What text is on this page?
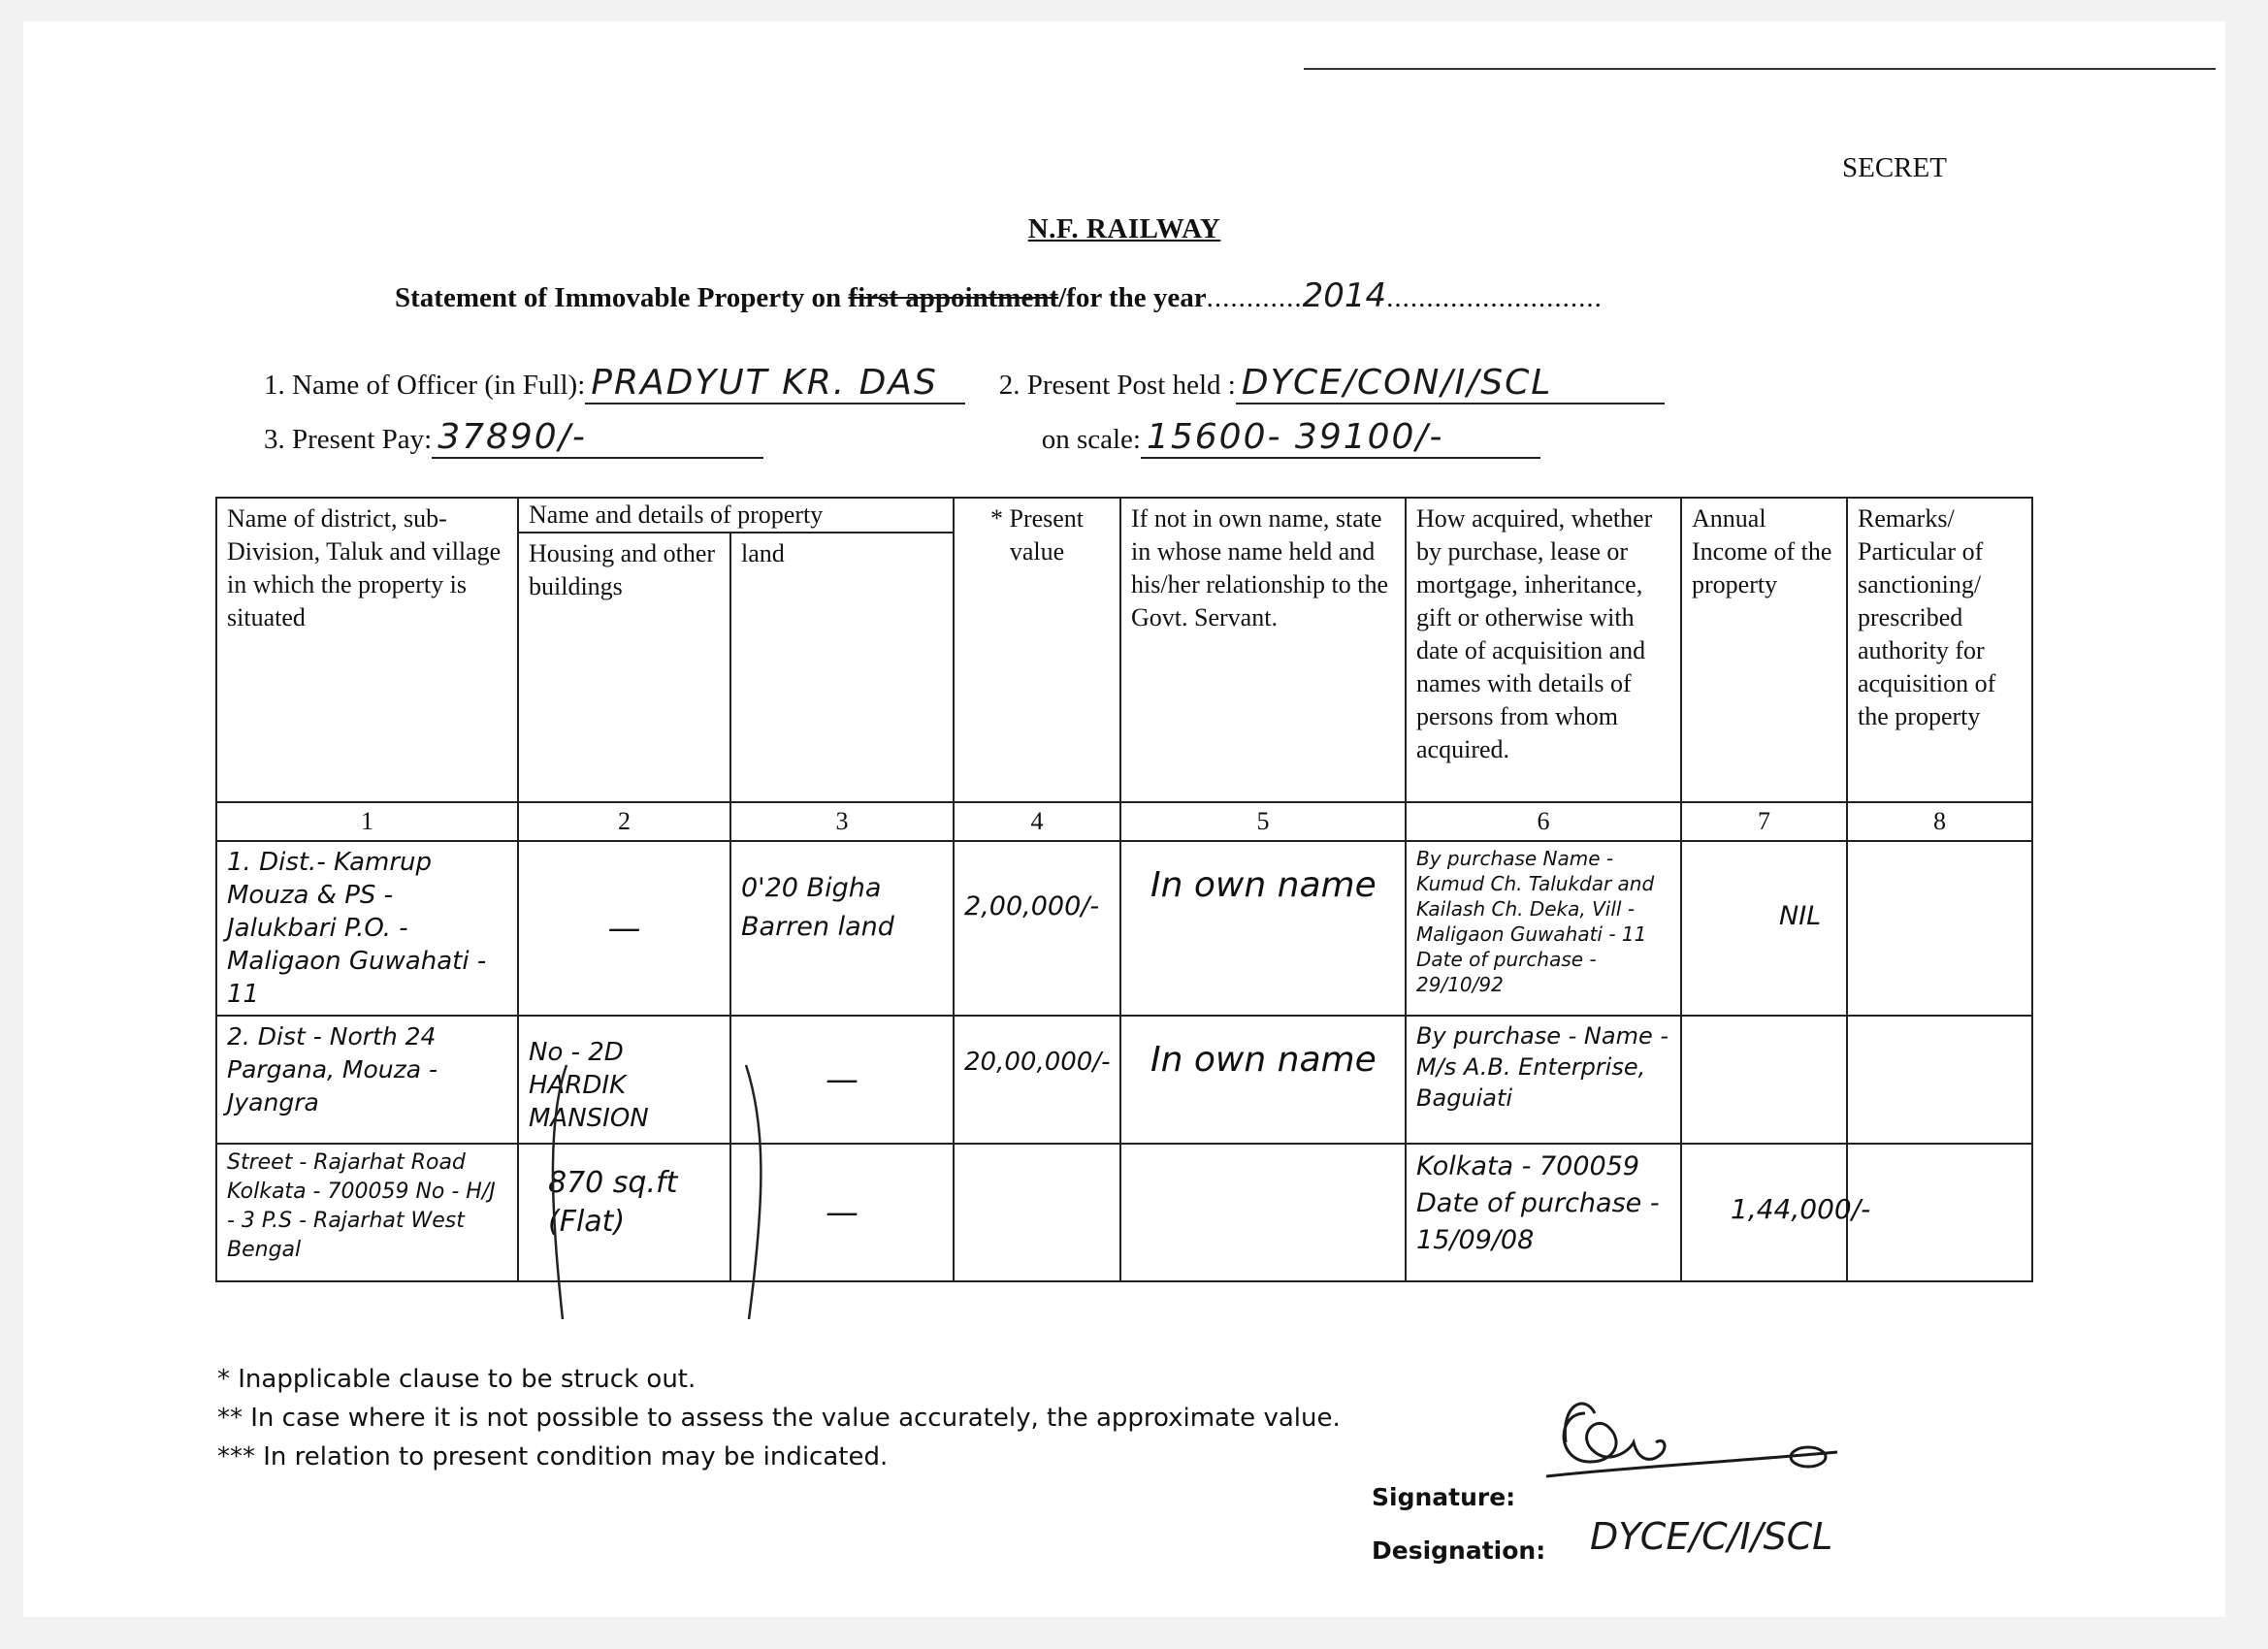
SECRET
N.F. RAILWAY
Statement of Immovable Property on first appointment/for the year............2014...........................
1. Name of Officer (in Full): PRADYUT KR. DAS 2. Present Post held : DYCE/CON/I/SCL
3. Present Pay: 37890/-	on scale: 15600- 39100/-
Name of district, sub-Division, Taluk and village in which the property is situated	Name and details of property		* Present value	If not in own name, state in whose name held and his/her relationship to the Govt. Servant.	How acquired, whether by purchase, lease or mortgage, inheritance, gift or otherwise with date of acquisition and names with details of persons from whom acquired.	Annual Income of the property	Remarks/ Particular of sanctioning/ prescribed authority for acquisition of the property
	Housing and other buildings	land					
1	2	3	4	5	6	7	8
1. Dist.- Kamrup Mouza & PS - Jalukbari P.O. - Maligaon Guwahati - 11	—	0'20 Bigha Barren land	2,00,000/-	In own name	By purchase Name - Kumud Ch. Talukdar and Kailash Ch. Deka, Vill - Maligaon Guwahati - 11 Date of purchase - 29/10/92	NIL	
2. Dist - North 24 Pargana, Mouza - Jyangra	No - 2D HARDIK MANSION	—	20,00,000/-	In own name	By purchase - Name - M/s A.B. Enterprise, Baguiati		
Street - Rajarhat Road Kolkata - 700059 No - H/J - 3 P.S - Rajarhat West Bengal	870 sq.ft (Flat)	—			Kolkata - 700059 Date of purchase - 15/09/08	1,44,000/-	
* Inapplicable clause to be struck out.
** In case where it is not possible to assess the value accurately, the approximate value.
*** In relation to present condition may be indicated.
Signature:
Designation: DYCE/C/I/SCL
